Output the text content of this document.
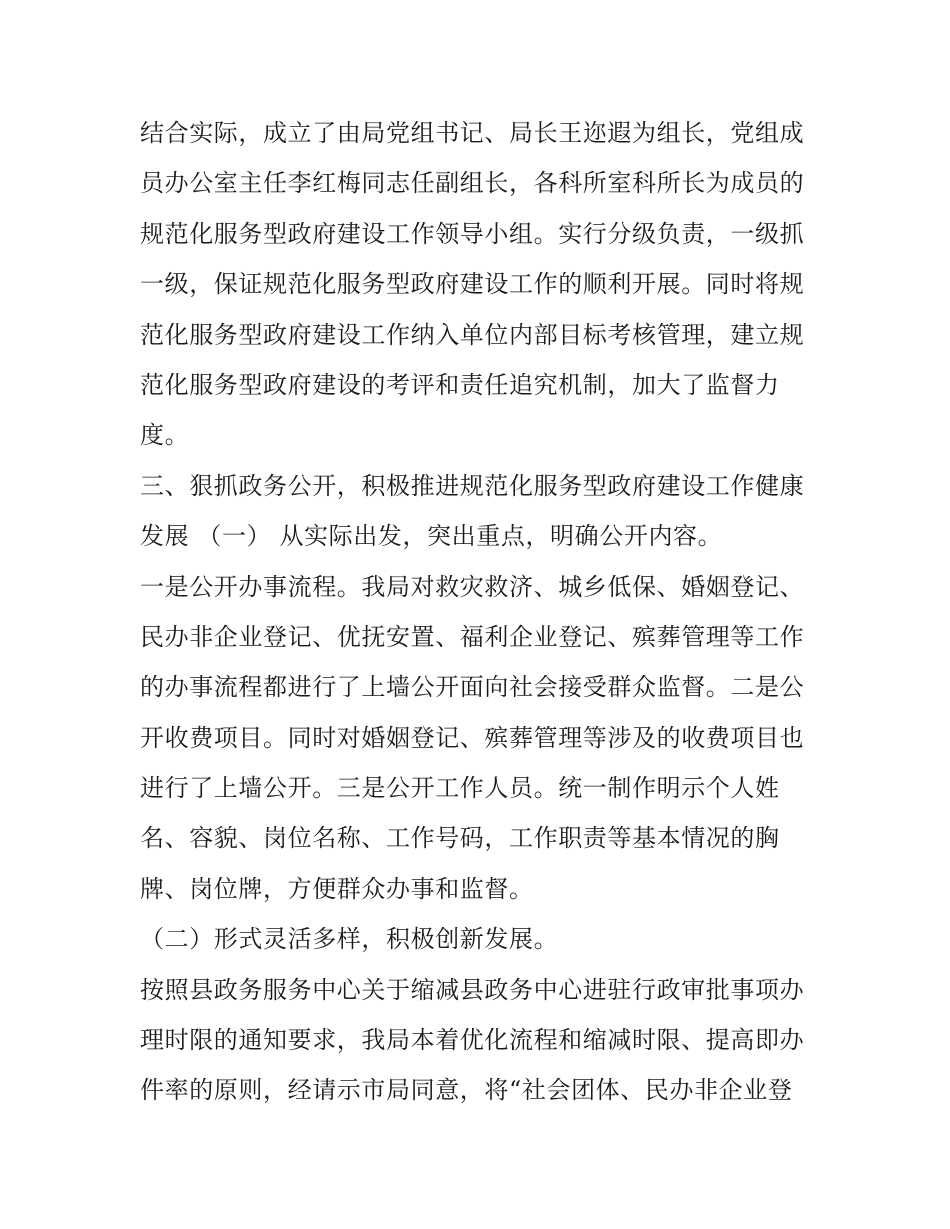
结合实际，成立了由局党组书记、局长王迩遐为组长，党组成
员办公室主任李红梅同志任副组长，各科所室科所长为成员的
规范化服务型政府建设工作领导小组。实行分级负责，一级抓
一级，保证规范化服务型政府建设工作的顺利开展。同时将规
范化服务型政府建设工作纳入单位内部目标考核管理，建立规
范化服务型政府建设的考评和责任追究机制，加大了监督力
度。
三、狠抓政务公开，积极推进规范化服务型政府建设工作健康
发展 （一） 从实际出发，突出重点，明确公开内容。
一是公开办事流程。我局对救灾救济、城乡低保、婚姻登记、
民办非企业登记、优抚安置、福利企业登记、殡葬管理等工作
的办事流程都进行了上墙公开面向社会接受群众监督。二是公
开收费项目。同时对婚姻登记、殡葬管理等涉及的收费项目也
进行了上墙公开。三是公开工作人员。统一制作明示个人姓
名、容貌、岗位名称、工作号码，工作职责等基本情况的胸
牌、岗位牌，方便群众办事和监督。
（二）形式灵活多样，积极创新发展。
按照县政务服务中心关于缩减县政务中心进驻行政审批事项办
理时限的通知要求，我局本着优化流程和缩减时限、提高即办
件率的原则，经请示市局同意，将“社会团体、民办非企业登
